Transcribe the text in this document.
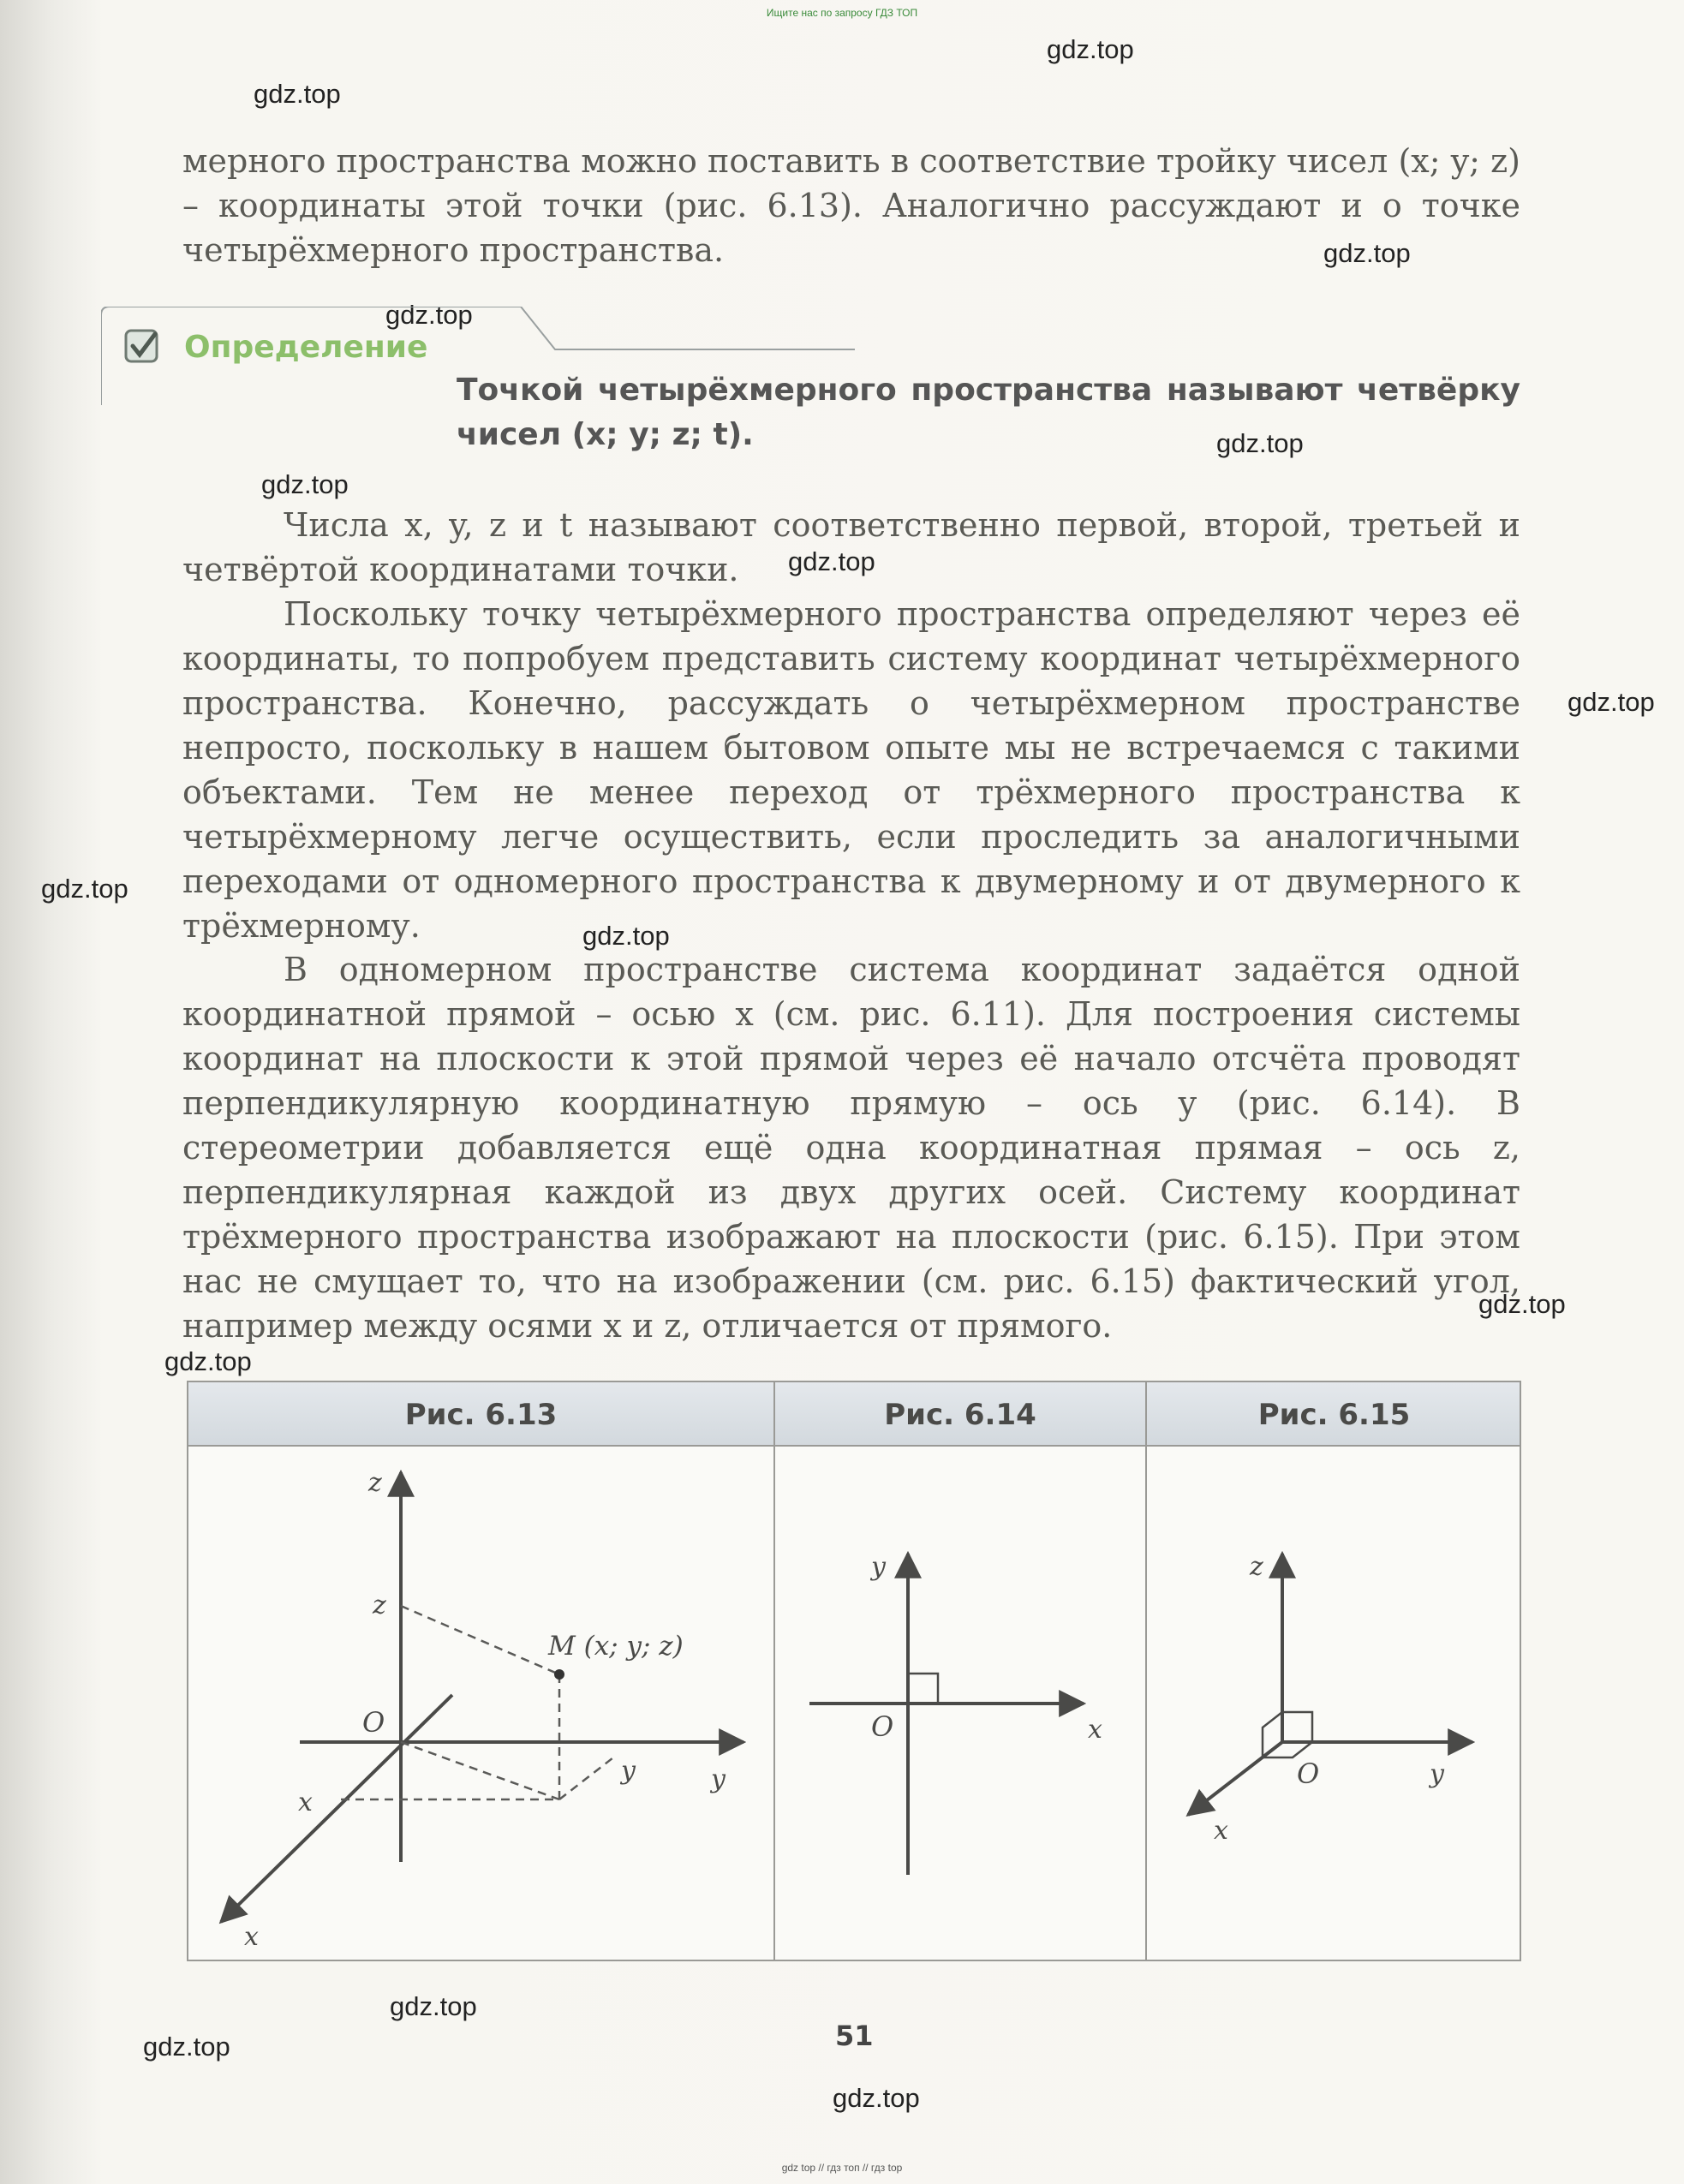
Ищите нас по запросу ГДЗ ТОП
gdz.top
gdz.top
gdz.top
gdz.top
gdz.top
gdz.top
gdz.top
gdz.top
gdz.top
gdz.top
gdz.top
gdz.top
gdz.top
gdz.top
gdz.top

мерного пространства можно поставить в соответствие тройку чисел (x; y; z) – координаты этой точки (рис. 6.13). Аналогично рассуждают и о точке четырёхмерного пространства.

Определение

Точкой четырёхмерного пространства называют четвёрку чисел (x; y; z; t).

Числа x, y, z и t называют соответственно первой, второй, третьей и четвёртой координатами точки.

Поскольку точку четырёхмерного пространства определяют через её координаты, то попробуем представить систему координат четырёхмерного пространства. Конечно, рассуждать о четырёхмерном пространстве непросто, поскольку в нашем бытовом опыте мы не встречаемся с такими объектами. Тем не менее переход от трёхмерного пространства к четырёхмерному легче осуществить, если проследить за аналогичными переходами от одномерного пространства к двумерному и от двумерного к трёхмерному.

В одномерном пространстве система координат задаётся одной координатной прямой – осью x (см. рис. 6.11). Для построения системы координат на плоскости к этой прямой через её начало отсчёта проводят перпендикулярную координатную прямую – ось y (рис. 6.14). В стереометрии добавляется ещё одна координатная прямая – ось z, перпендикулярная каждой из двух других осей. Систему координат трёхмерного пространства изображают на плоскости (рис. 6.15). При этом нас не смущает то, что на изображении (см. рис. 6.15) фактический угол, например между осями x и z, отличается от прямого.

Рис. 6.13	Рис. 6.14	Рис. 6.15
z
z
M (x; y; z)
O
y	y
x
x
y
O	x
z
O	y
x
51
gdz top // гдз топ // гдз top
